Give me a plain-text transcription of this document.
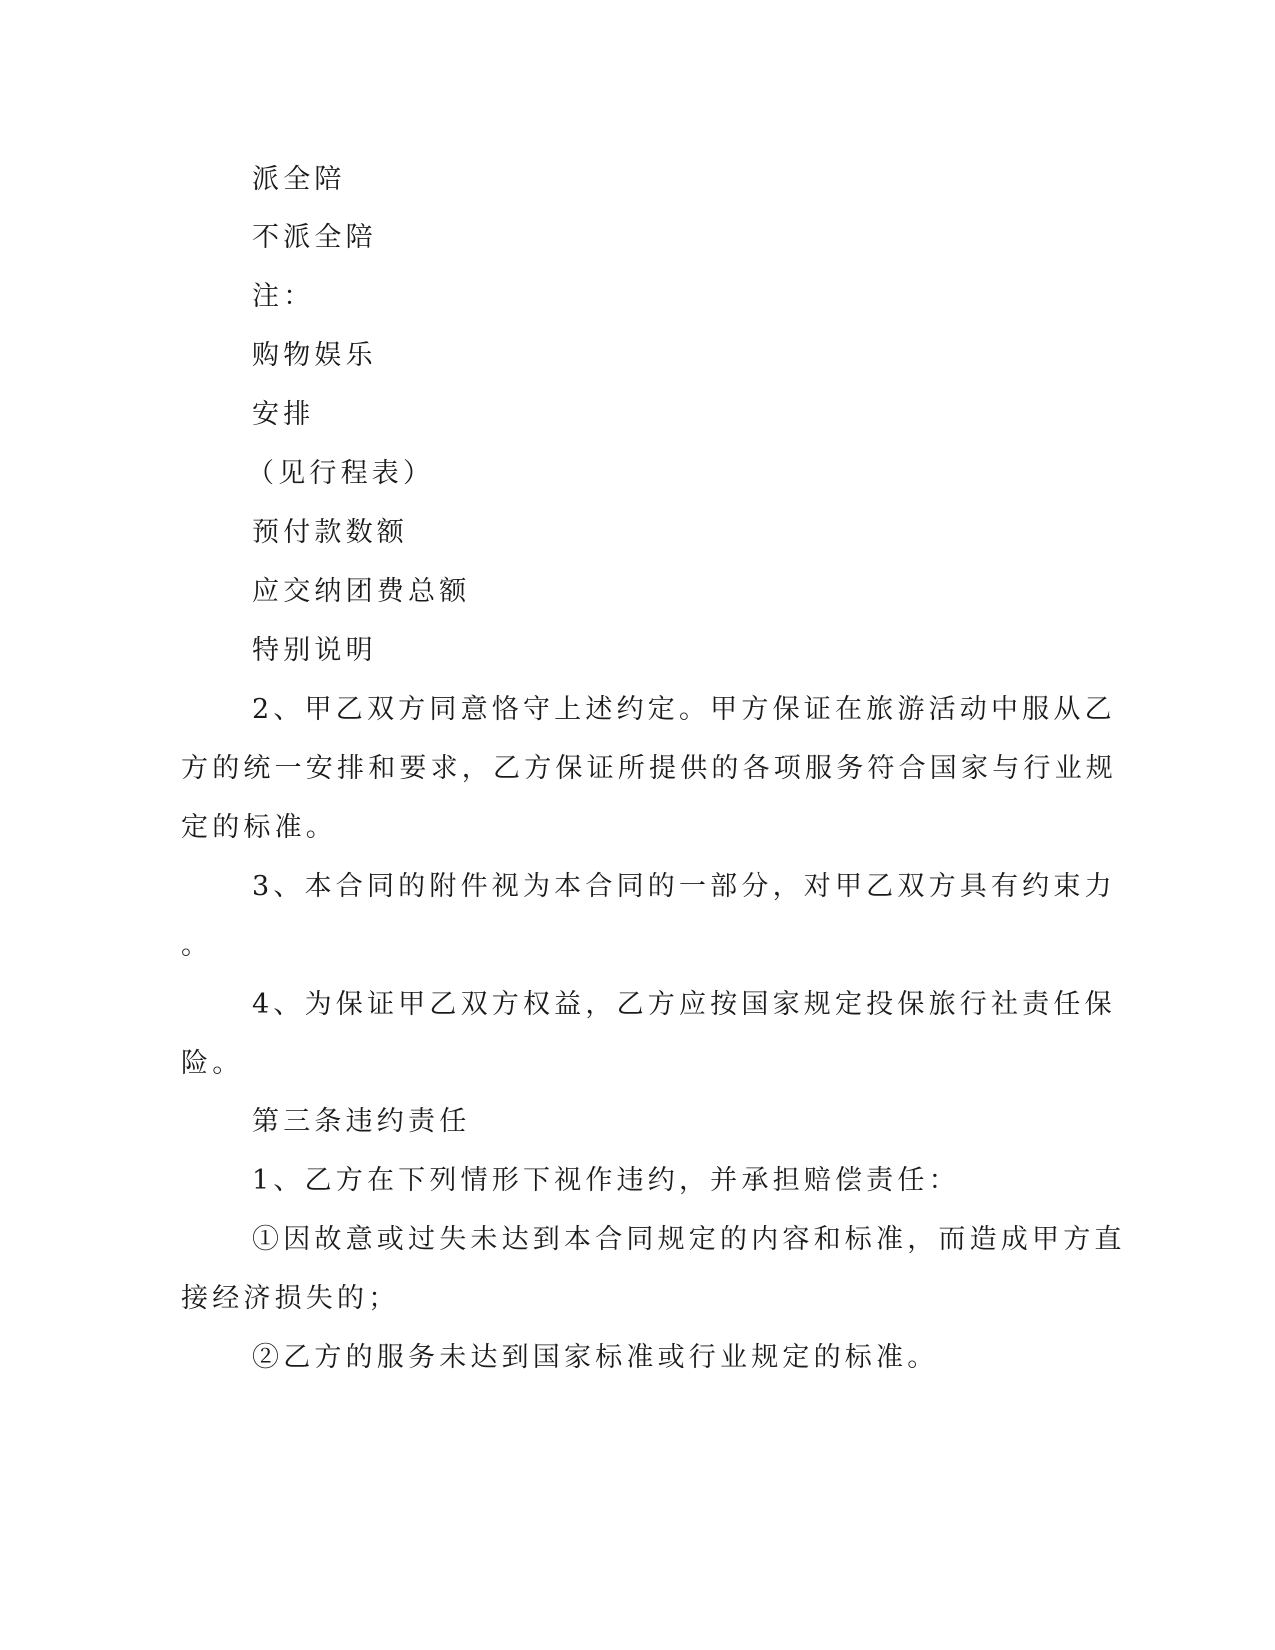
派全陪
不派全陪
注：
购物娱乐
安排
（见行程表）
预付款数额
应交纳团费总额
特别说明
2、甲乙双方同意恪守上述约定。甲方保证在旅游活动中服从乙
方的统一安排和要求，乙方保证所提供的各项服务符合国家与行业规
定的标准。
3、本合同的附件视为本合同的一部分，对甲乙双方具有约束力
。
4、为保证甲乙双方权益，乙方应按国家规定投保旅行社责任保
险。
第三条违约责任
1、乙方在下列情形下视作违约，并承担赔偿责任：
①因故意或过失未达到本合同规定的内容和标准，而造成甲方直
接经济损失的；
②乙方的服务未达到国家标准或行业规定的标准。
